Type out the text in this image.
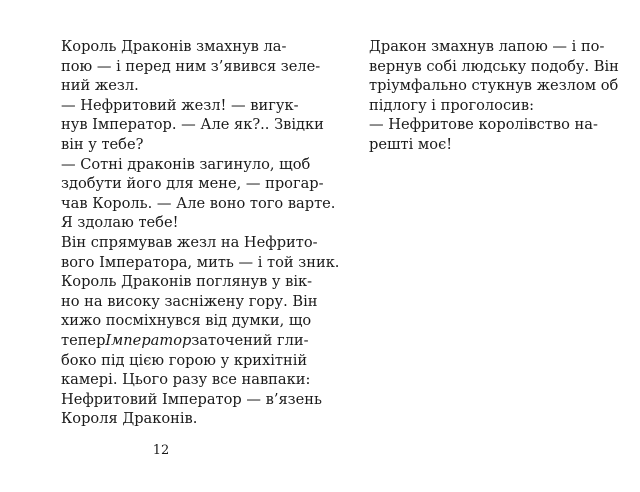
Король Драконів змахнув ла-
пою — і перед ним з’явився зеле-
ний жезл.
— Нефритовий жезл! — вигук-
нув Імператор. — Але як?.. Звідки
він у тебе?
— Сотні драконів загинуло, щоб
здобути його для мене, — прогар-
чав Король. — Але воно того варте.
Я здолаю тебе!
Він спрямував жезл на Нефрито-
вого Імператора, мить — і той зник.
Король Драконів поглянув у вік-
но на високу засніжену гору. Він
хижо посміхнувся від думки, що
тепер Імператор заточений гли-
боко під цією горою у крихітній
камері. Цього разу все навпаки:
Нефритовий Імператор — в’язень
Короля Драконів.
Дракон змахнув лапою — і по-
вернув собі людську подобу. Він
тріумфально стукнув жезлом об
підлогу і проголосив:
— Нефритове королівство на-
решті моє!
12
